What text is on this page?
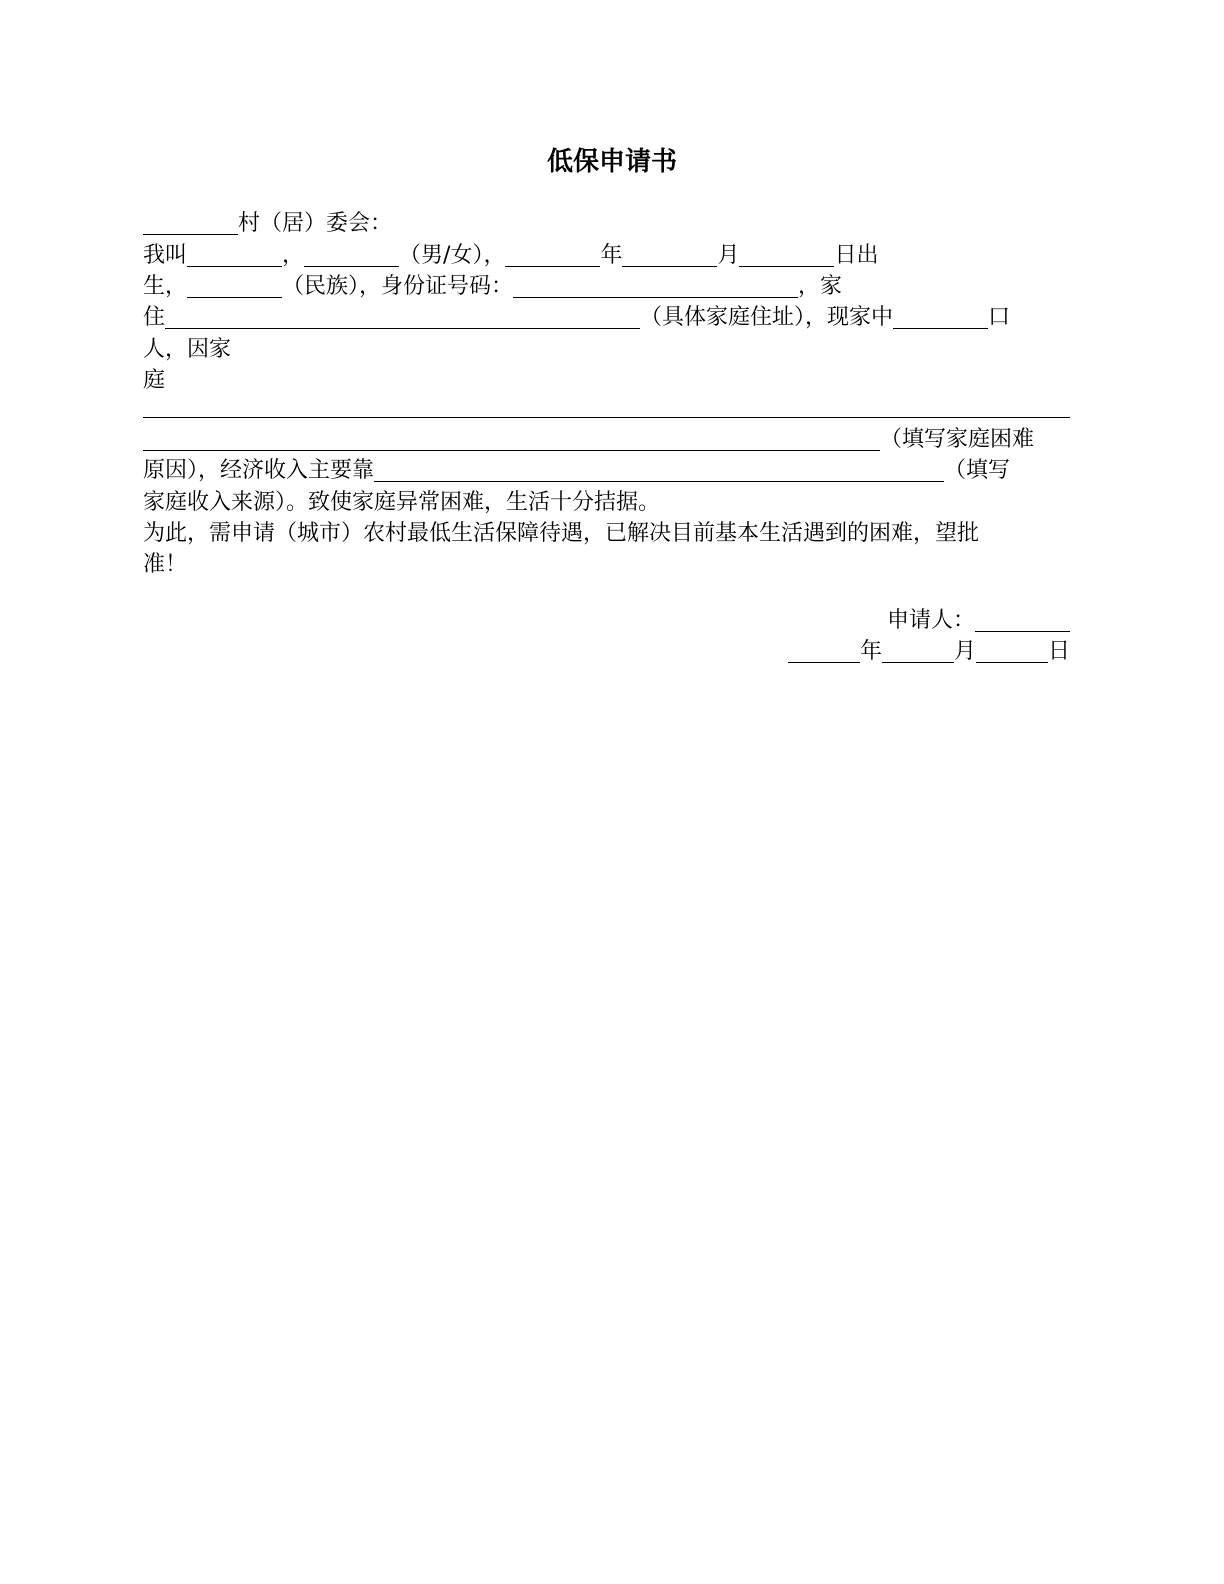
低保申请书
村（居）委会：
我叫	，	（男/女），	年	月	日出
生，	（民族），身份证号码：	，家
住	（具体家庭住址），现家中	口
人，因家
庭
（填写家庭困难
原因），经济收入主要靠	（填写
家庭收入来源）。致使家庭异常困难，生活十分拮据。
为此，需申请（城市）农村最低生活保障待遇，已解决目前基本生活遇到的困难，望批
准！
申请人：
年	月	日
